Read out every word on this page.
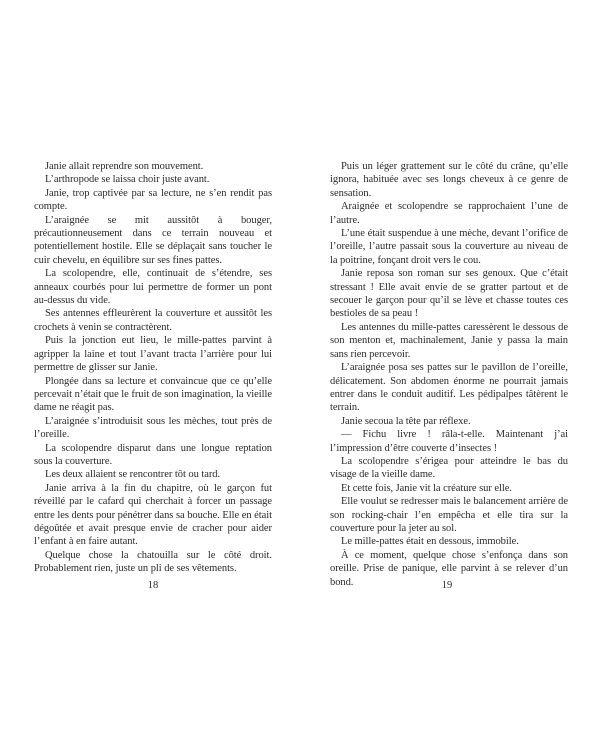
Janie allait reprendre son mouvement.

L’arthropode se laissa choir juste avant.

Janie, trop captivée par sa lecture, ne s’en rendit pas compte.

L’araignée se mit aussitôt à bouger, précautionneusement dans ce terrain nouveau et potentiellement hostile. Elle se déplaçait sans toucher le cuir chevelu, en équilibre sur ses fines pattes.

La scolopendre, elle, continuait de s’étendre, ses anneaux courbés pour lui permettre de former un pont au-dessus du vide.

Ses antennes effleurèrent la couverture et aussitôt les crochets à venin se contractèrent.

Puis la jonction eut lieu, le mille-pattes parvint à agripper la laine et tout l’avant tracta l’arrière pour lui permettre de glisser sur Janie.

Plongée dans sa lecture et convaincue que ce qu’elle percevait n’était que le fruit de son imagination, la vieille dame ne réagit pas.

L’araignée s’introduisit sous les mèches, tout près de l’oreille.

La scolopendre disparut dans une longue reptation sous la couverture.

Les deux allaient se rencontrer tôt ou tard.

Janie arriva à la fin du chapitre, où le garçon fut réveillé par le cafard qui cherchait à forcer un passage entre les dents pour pénétrer dans sa bouche. Elle en était dégoûtée et avait presque envie de cracher pour aider l’enfant à en faire autant.

Quelque chose la chatouilla sur le côté droit. Probablement rien, juste un pli de ses vêtements.

18

Puis un léger grattement sur le côté du crâne, qu’elle ignora, habituée avec ses longs cheveux à ce genre de sensation.

Araignée et scolopendre se rapprochaient l’une de l’autre.

L’une était suspendue à une mèche, devant l’orifice de l’oreille, l’autre passait sous la couverture au niveau de la poitrine, fonçant droit vers le cou.

Janie reposa son roman sur ses genoux. Que c’était stressant ! Elle avait envie de se gratter partout et de secouer le garçon pour qu’il se lève et chasse toutes ces bestioles de sa peau !

Les antennes du mille-pattes caressèrent le dessous de son menton et, machinalement, Janie y passa la main sans rien percevoir.

L’araignée posa ses pattes sur le pavillon de l’oreille, délicatement. Son abdomen énorme ne pourrait jamais entrer dans le conduit auditif. Les pédipalpes tâtèrent le terrain.

Janie secoua la tête par réflexe.

— Fichu livre ! râla-t-elle. Maintenant j’ai l’impression d’être couverte d’insectes !

La scolopendre s’érigea pour atteindre le bas du visage de la vieille dame.

Et cette fois, Janie vit la créature sur elle.

Elle voulut se redresser mais le balancement arrière de son rocking-chair l’en empêcha et elle tira sur la couverture pour la jeter au sol.

Le mille-pattes était en dessous, immobile.

À ce moment, quelque chose s’enfonça dans son oreille. Prise de panique, elle parvint à se relever d’un bond.	19
